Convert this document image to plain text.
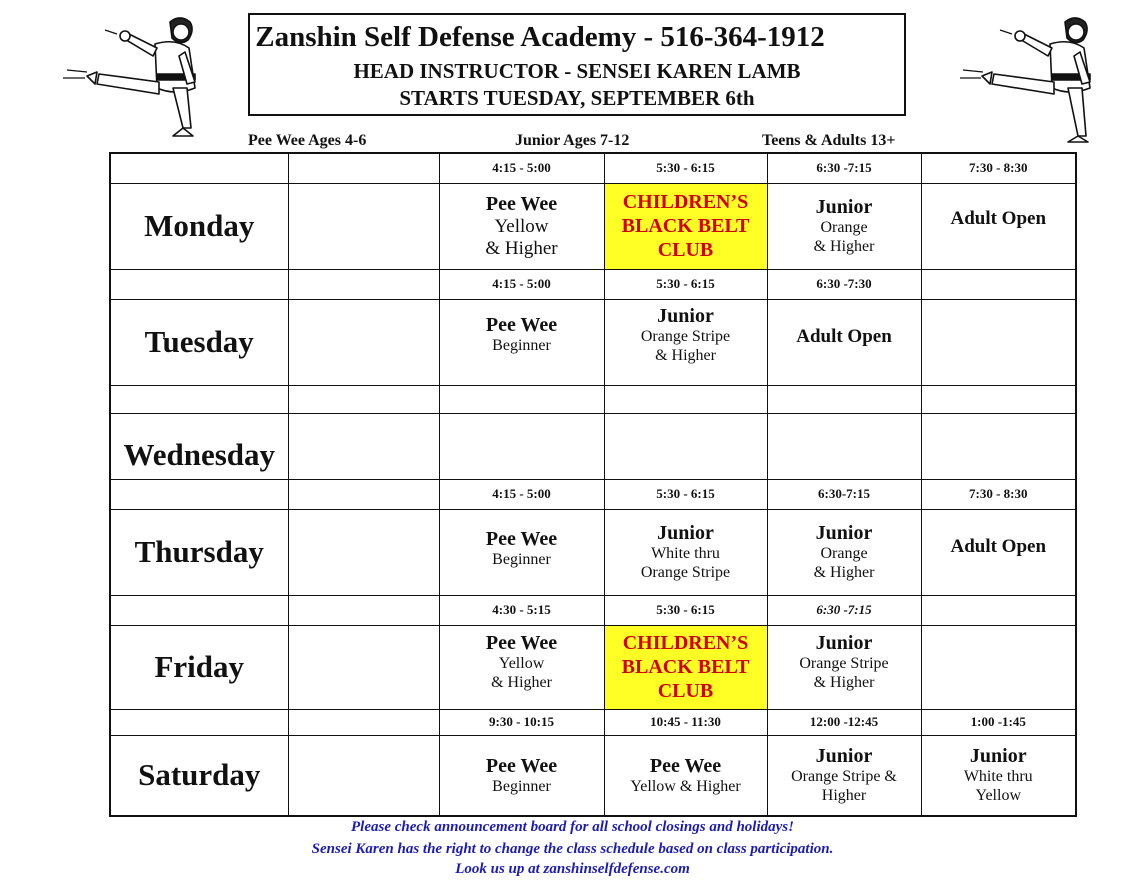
Zanshin Self Defense Academy - 516-364-1912
HEAD INSTRUCTOR - SENSEI KAREN LAMB
STARTS TUESDAY, SEPTEMBER 6th
Pee Wee Ages 4-6	Junior Ages 7-12	Teens & Adults 13+
		4:15 - 5:00	5:30 - 6:15	6:30 -7:15	7:30 - 8:30
Monday		Pee Wee
Yellow
& Higher	CHILDREN’S
BLACK BELT
CLUB	Junior
Orange
& Higher	Adult Open

		4:15 - 5:00	5:30 - 6:15	6:30 -7:30	
Tuesday		Pee Wee
Beginner	Junior
Orange Stripe
& Higher	Adult Open	

Wednesday					
		4:15 - 5:00	5:30 - 6:15	6:30-7:15	7:30 - 8:30
Thursday		Pee Wee
Beginner	Junior
White thru
Orange Stripe	Junior
Orange
& Higher	Adult Open

		4:30 - 5:15	5:30 - 6:15	6:30 -7:15	
Friday		Pee Wee
Yellow
& Higher	CHILDREN’S
BLACK BELT
CLUB	Junior
Orange Stripe
& Higher	

		9:30 - 10:15	10:45 - 11:30	12:00 -12:45	1:00 -1:45
Saturday		Pee Wee
Beginner	Pee Wee
Yellow & Higher	Junior
Orange Stripe &
Higher	Junior
White thru
Yellow
Please check announcement board for all school closings and holidays!
Sensei Karen has the right to change the class schedule based on class participation.
Look us up at zanshinselfdefense.com
